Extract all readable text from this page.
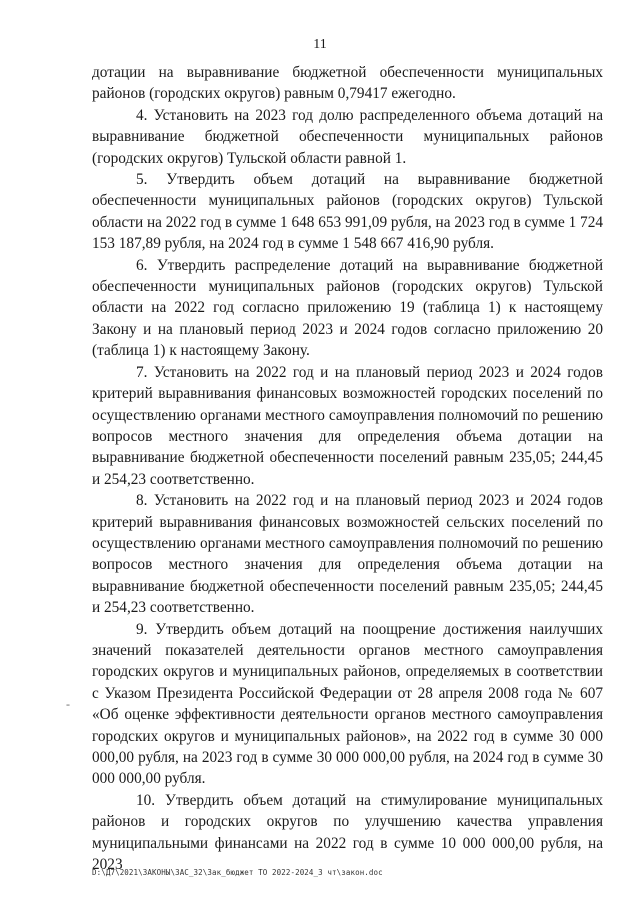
11

дотации на выравнивание бюджетной обеспеченности муниципальных районов (городских округов) равным 0,79417 ежегодно.

4. Установить на 2023 год долю распределенного объема дотаций на выравнивание бюджетной обеспеченности муниципальных районов (городских округов) Тульской области равной 1.

5. Утвердить объем дотаций на выравнивание бюджетной обеспеченности муниципальных районов (городских округов) Тульской области на 2022 год в сумме 1 648 653 991,09 рубля, на 2023 год в сумме 1 724 153 187,89 рубля, на 2024 год в сумме 1 548 667 416,90 рубля.

6. Утвердить распределение дотаций на выравнивание бюджетной обеспеченности муниципальных районов (городских округов) Тульской области на 2022 год согласно приложению 19 (таблица 1) к настоящему Закону и на плановый период 2023 и 2024 годов согласно приложению 20 (таблица 1) к настоящему Закону.

7. Установить на 2022 год и на плановый период 2023 и 2024 годов критерий выравнивания финансовых возможностей городских поселений по осуществлению органами местного самоуправления полномочий по решению вопросов местного значения для определения объема дотации на выравнивание бюджетной обеспеченности поселений равным 235,05; 244,45 и 254,23 соответственно.

8. Установить на 2022 год и на плановый период 2023 и 2024 годов критерий выравнивания финансовых возможностей сельских поселений по осуществлению органами местного самоуправления полномочий по решению вопросов местного значения для определения объема дотации на выравнивание бюджетной обеспеченности поселений равным 235,05; 244,45 и 254,23 соответственно.

9. Утвердить объем дотаций на поощрение достижения наилучших значений показателей деятельности органов местного самоуправления городских округов и муниципальных районов, определяемых в соответствии с Указом Президента Российской Федерации от 28 апреля 2008 года № 607 «Об оценке эффективности деятельности органов местного самоуправления городских округов и муниципальных районов», на 2022 год в сумме 30 000 000,00 рубля, на 2023 год в сумме 30 000 000,00 рубля, на 2024 год в сумме 30 000 000,00 рубля.

10. Утвердить объем дотаций на стимулирование муниципальных районов и городских округов по улучшению качества управления муниципальными финансами на 2022 год в сумме 10 000 000,00 рубля, на 2023

-
D:\Д7\2021\ЗАКОНЫ\ЗАС_32\Зак_бюджет ТО 2022-2024_3 чт\закон.doc
